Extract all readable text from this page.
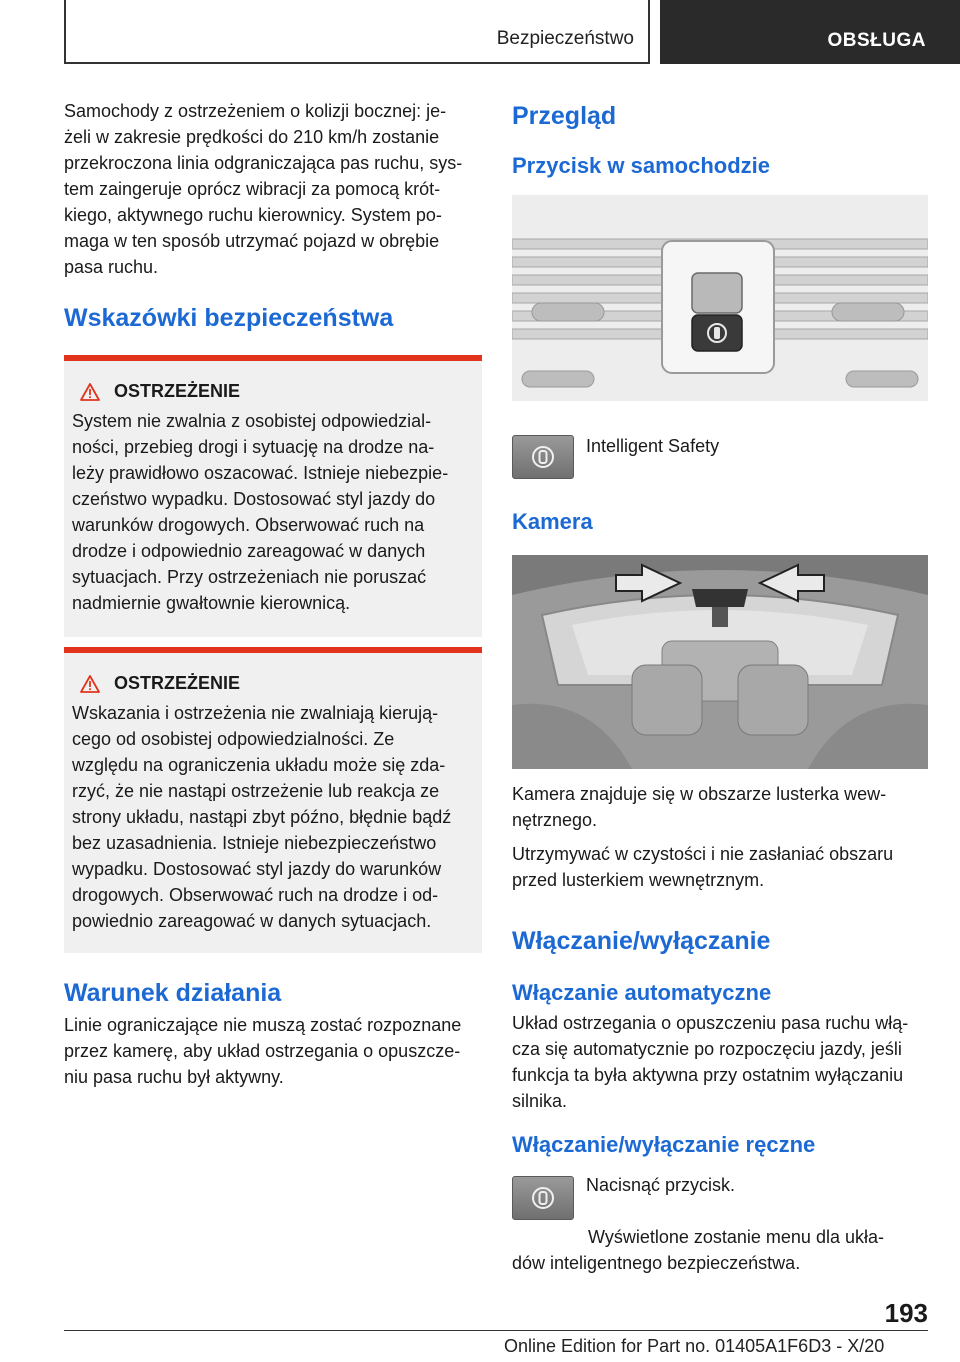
Bezpieczeństwo	OBSŁUGA

Samochody z ostrzeżeniem o kolizji bocznej: je-
żeli w zakresie prędkości do 210 km/h zostanie
przekroczona linia odgraniczająca pas ruchu, sys-
tem zaingeruje oprócz wibracji za pomocą krót-
kiego, aktywnego ruchu kierownicy. System po-
maga w ten sposób utrzymać pojazd w obrębie
pasa ruchu.

Wskazówki bezpieczeństwa
OSTRZEŻENIE

System nie zwalnia z osobistej odpowiedzial-
ności, przebieg drogi i sytuację na drodze na-
leży prawidłowo oszacować. Istnieje niebezpie-
czeństwo wypadku. Dostosować styl jazdy do
warunków drogowych. Obserwować ruch na
drodze i odpowiednio zareagować w danych
sytuacjach. Przy ostrzeżeniach nie poruszać
nadmiernie gwałtownie kierownicą.

OSTRZEŻENIE

Wskazania i ostrzeżenia nie zwalniają kierują-
cego od osobistej odpowiedzialności. Ze
względu na ograniczenia układu może się zda-
rzyć, że nie nastąpi ostrzeżenie lub reakcja ze
strony układu, nastąpi zbyt późno, błędnie bądź
bez uzasadnienia. Istnieje niebezpieczeństwo
wypadku. Dostosować styl jazdy do warunków
drogowych. Obserwować ruch na drodze i od-
powiednio zareagować w danych sytuacjach.

Warunek działania

Linie ograniczające nie muszą zostać rozpoznane
przez kamerę, aby układ ostrzegania o opuszcze-
niu pasa ruchu był aktywny.

Przegląd
Przycisk w samochodzie
Intelligent Safety
Kamera

Kamera znajduje się w obszarze lusterka wew-
nętrznego.

Utrzymywać w czystości i nie zasłaniać obszaru
przed lusterkiem wewnętrznym.

Włączanie/wyłączanie
Włączanie automatyczne

Układ ostrzegania o opuszczeniu pasa ruchu włą-
cza się automatycznie po rozpoczęciu jazdy, jeśli
funkcja ta była aktywna przy ostatnim wyłączaniu
silnika.

Włączanie/wyłączanie ręczne
Nacisnąć przycisk.

Wyświetlone zostanie menu dla ukła-
dów inteligentnego bezpieczeństwa.

193
Online Edition for Part no. 01405A1F6D3 - X/20
